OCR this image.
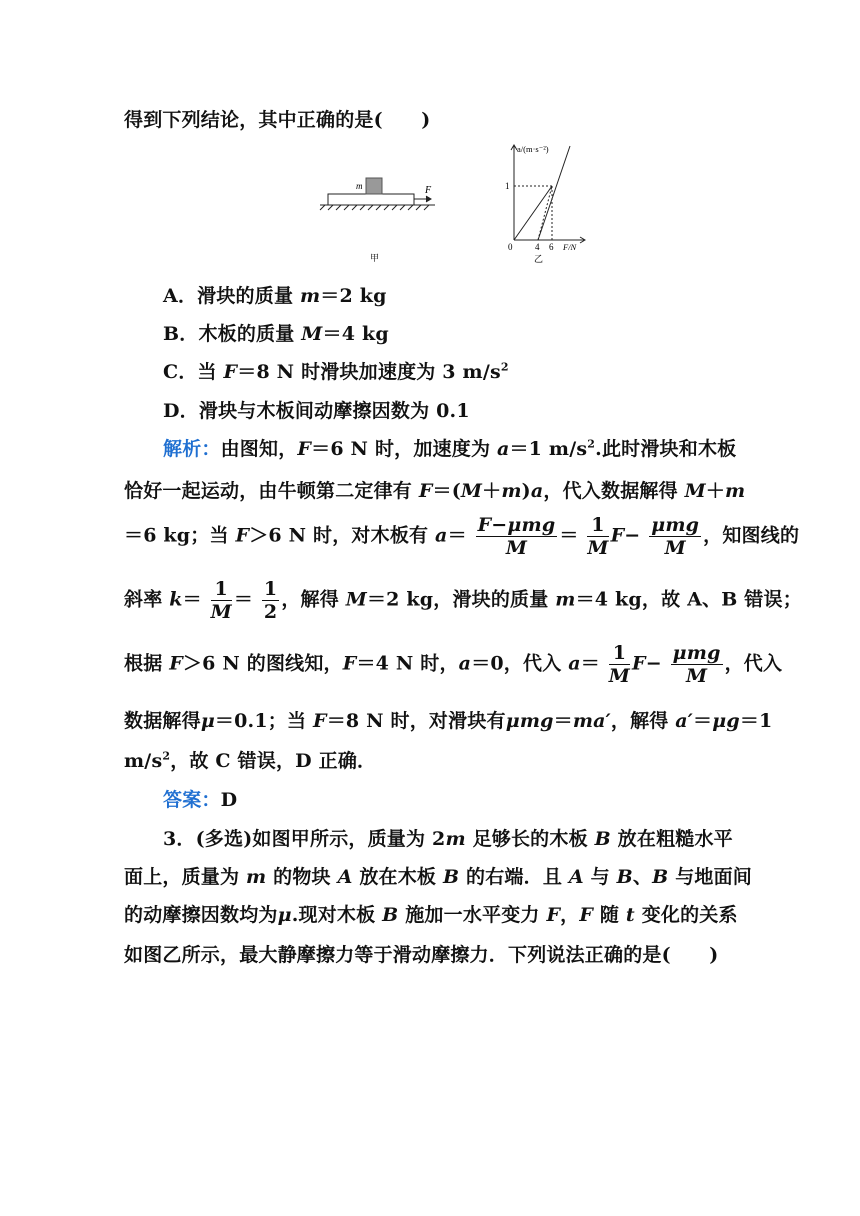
得到下列结论，其中正确的是(　　)
m	F
甲
a/(m·s⁻²)
1
0	4 6 F/N
乙
A．滑块的质量 m＝2 kg
B．木板的质量 M＝4 kg
C．当 F＝8 N 时滑块加速度为 3 $m/s^2$
D．滑块与木板间动摩擦因数为 0.1
解析：由图知，F＝6 N 时，加速度为 a＝1 $m/s^2$.此时滑块和木板
恰好一起运动，由牛顿第二定律有 F＝(M＋m)a，代入数据解得 M＋m
＝6 kg；当 F＞6 N 时，对木板有 $a= \frac{\text{F−μmg}}{M} = \frac{1}{M} F- \frac{\text{μmg}}{M}$ ，知图线的
斜率 $k= \frac{1}{M} = \frac{1}{2}$ ，解得 M＝2 kg，滑块的质量 m＝4 kg，故 A、B 错误；
根据 F＞6 N 的图线知，F＝4 N 时，a＝0，代入 $a= \frac{1}{M} F- \frac{\text{μmg}}{M}$ ，代入
数据解得μ＝0.1；当 F＝8 N 时，对滑块有μmg＝ma′，解得 a′＝μg＝1
$m/s^2$，故 C 错误，D 正确．
答案：D
3．(多选)如图甲所示，质量为 2m 足够长的木板 B 放在粗糙水平
面上，质量为 m 的物块 A 放在木板 B 的右端．且 A 与 B、B 与地面间
的动摩擦因数均为μ.现对木板 B 施加一水平变力 F，F 随 t 变化的关系
如图乙所示，最大静摩擦力等于滑动摩擦力．下列说法正确的是(　　)
